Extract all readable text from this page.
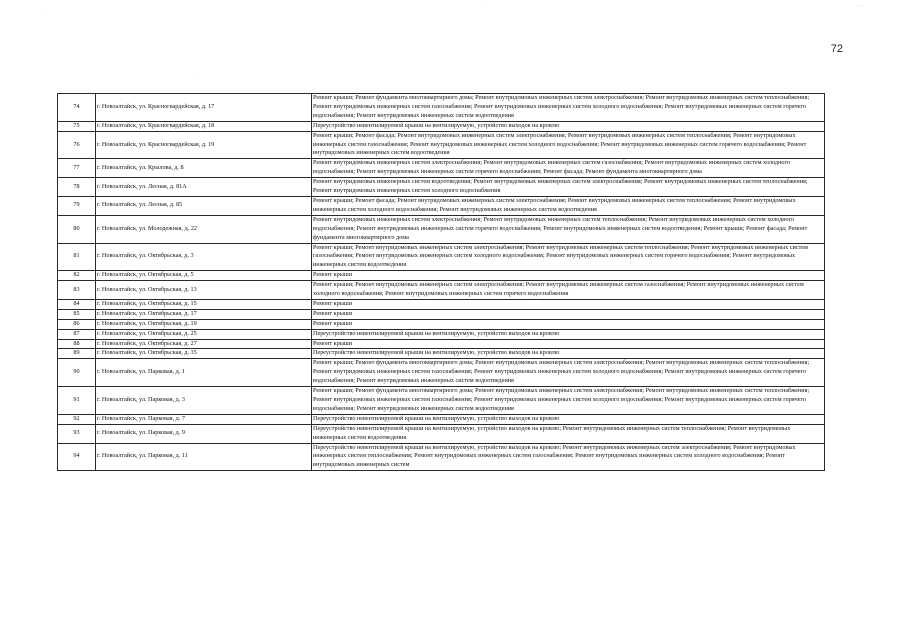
.	.	- -
.
72
74	г. Новоалтайск, ул. Красногвардейская, д. 17	Ремонт крыши; Ремонт фундамента многоквартирного дома; Ремонт внутридомовых инженерных систем электроснабжения; Ремонт внутридомовых инженерных систем теплоснабжения; Ремонт внутридомовых инженерных систем газоснабжения; Ремонт внутридомовых инженерных систем холодного водоснабжения; Ремонт внутридомовых инженерных систем горячего водоснабжения; Ремонт внутридомовых инженерных систем водоотведения
75	г. Новоалтайск, ул. Красногвардейская, д. 18	Переустройство невентилируемой крыши на вентилируемую, устройство выходов на кровлю
76	г. Новоалтайск, ул. Красногвардейская, д. 19	Ремонт крыши; Ремонт фасада; Ремонт внутридомовых инженерных систем электроснабжения; Ремонт внутридомовых инженерных систем теплоснабжения; Ремонт внутридомовых инженерных систем газоснабжения; Ремонт внутридомовых инженерных систем холодного водоснабжения; Ремонт внутридомовых инженерных систем горячего водоснабжения; Ремонт внутридомовых инженерных систем водоотведения
77	г. Новоалтайск, ул. Крылова, д. 8	Ремонт внутридомовых инженерных систем электроснабжения; Ремонт внутридомовых инженерных систем газоснабжения; Ремонт внутридомовых инженерных систем холодного водоснабжения; Ремонт внутридомовых инженерных систем горячего водоснабжения; Ремонт фасада; Ремонт фундамента многоквартирного дома
78	г. Новоалтайск, ул. Лесная, д. 81А	Ремонт внутридомовых инженерных систем водоотведения; Ремонт внутридомовых инженерных систем электроснабжения; Ремонт внутридомовых инженерных систем теплоснабжения; Ремонт внутридомовых инженерных систем холодного водоснабжения
79	г. Новоалтайск, ул. Лесная, д. 85	Ремонт крыши; Ремонт фасада; Ремонт внутридомовых инженерных систем электроснабжения; Ремонт внутридомовых инженерных систем теплоснабжения; Ремонт внутридомовых инженерных систем холодного водоснабжения; Ремонт внутридомовых инженерных систем водоотведения
80	г. Новоалтайск, ул. Молодежная, д. 22	Ремонт внутридомовых инженерных систем электроснабжения; Ремонт внутридомовых инженерных систем теплоснабжения; Ремонт внутридомовых инженерных систем холодного водоснабжения; Ремонт внутридомовых инженерных систем горячего водоснабжения; Ремонт внутридомовых инженерных систем водоотведения; Ремонт крыши; Ремонт фасада; Ремонт фундамента многоквартирного дома
81	г. Новоалтайск, ул. Октябрьская, д. 3	Ремонт крыши; Ремонт внутридомовых инженерных систем электроснабжения; Ремонт внутридомовых инженерных систем теплоснабжения; Ремонт внутридомовых инженерных систем газоснабжения; Ремонт внутридомовых инженерных систем холодного водоснабжения; Ремонт внутридомовых инженерных систем горячего водоснабжения; Ремонт внутридомовых инженерных систем водоотведения
82	г. Новоалтайск, ул. Октябрьская, д. 5	Ремонт крыши
83	г. Новоалтайск, ул. Октябрьская, д. 13	Ремонт крыши; Ремонт внутридомовых инженерных систем электроснабжения; Ремонт внутридомовых инженерных систем газоснабжения; Ремонт внутридомовых инженерных систем холодного водоснабжения; Ремонт внутридомовых инженерных систем горячего водоснабжения
84	г. Новоалтайск, ул. Октябрьская, д. 15	Ремонт крыши
85	г. Новоалтайск, ул. Октябрьская, д. 17	Ремонт крыши
86	г. Новоалтайск, ул. Октябрьская, д. 19	Ремонт крыши
87	г. Новоалтайск, ул. Октябрьская, д. 25	Переустройство невентилируемой крыши на вентилируемую, устройство выходов на кровлю
88	г. Новоалтайск, ул. Октябрьская, д. 27	Ремонт крыши
89	г. Новоалтайск, ул. Октябрьская, д. 35	Переустройство невентилируемой крыши на вентилируемую, устройство выходов на кровлю
90	г. Новоалтайск, ул. Парковая, д. 1	Ремонт крыши; Ремонт фундамента многоквартирного дома; Ремонт внутридомовых инженерных систем электроснабжения; Ремонт внутридомовых инженерных систем теплоснабжения; Ремонт внутридомовых инженерных систем газоснабжения; Ремонт внутридомовых инженерных систем холодного водоснабжения; Ремонт внутридомовых инженерных систем горячего водоснабжения; Ремонт внутридомовых инженерных систем водоотведения
91	г. Новоалтайск, ул. Парковая, д. 3	Ремонт крыши; Ремонт фундамента многоквартирного дома; Ремонт внутридомовых инженерных систем электроснабжения; Ремонт внутридомовых инженерных систем теплоснабжения; Ремонт внутридомовых инженерных систем газоснабжения; Ремонт внутридомовых инженерных систем холодного водоснабжения; Ремонт внутридомовых инженерных систем горячего водоснабжения; Ремонт внутридомовых инженерных систем водоотведения
92	г. Новоалтайск, ул. Парковая, д. 7	Переустройство невентилируемой крыши на вентилируемую, устройство выходов на кровлю
93	г. Новоалтайск, ул. Парковая, д. 9	Переустройство невентилируемой крыши на вентилируемую, устройство выходов на кровлю; Ремонт внутридомовых инженерных систем теплоснабжения; Ремонт внутридомовых инженерных систем водоотведения
94	г. Новоалтайск, ул. Парковая, д. 11	Переустройство невентилируемой крыши на вентилируемую, устройство выходов на кровлю; Ремонт внутридомовых инженерных систем электроснабжения; Ремонт внутридомовых инженерных систем теплоснабжения; Ремонт внутридомовых инженерных систем газоснабжения; Ремонт внутридомовых инженерных систем холодного водоснабжения; Ремонт внутридомовых инженерных систем
